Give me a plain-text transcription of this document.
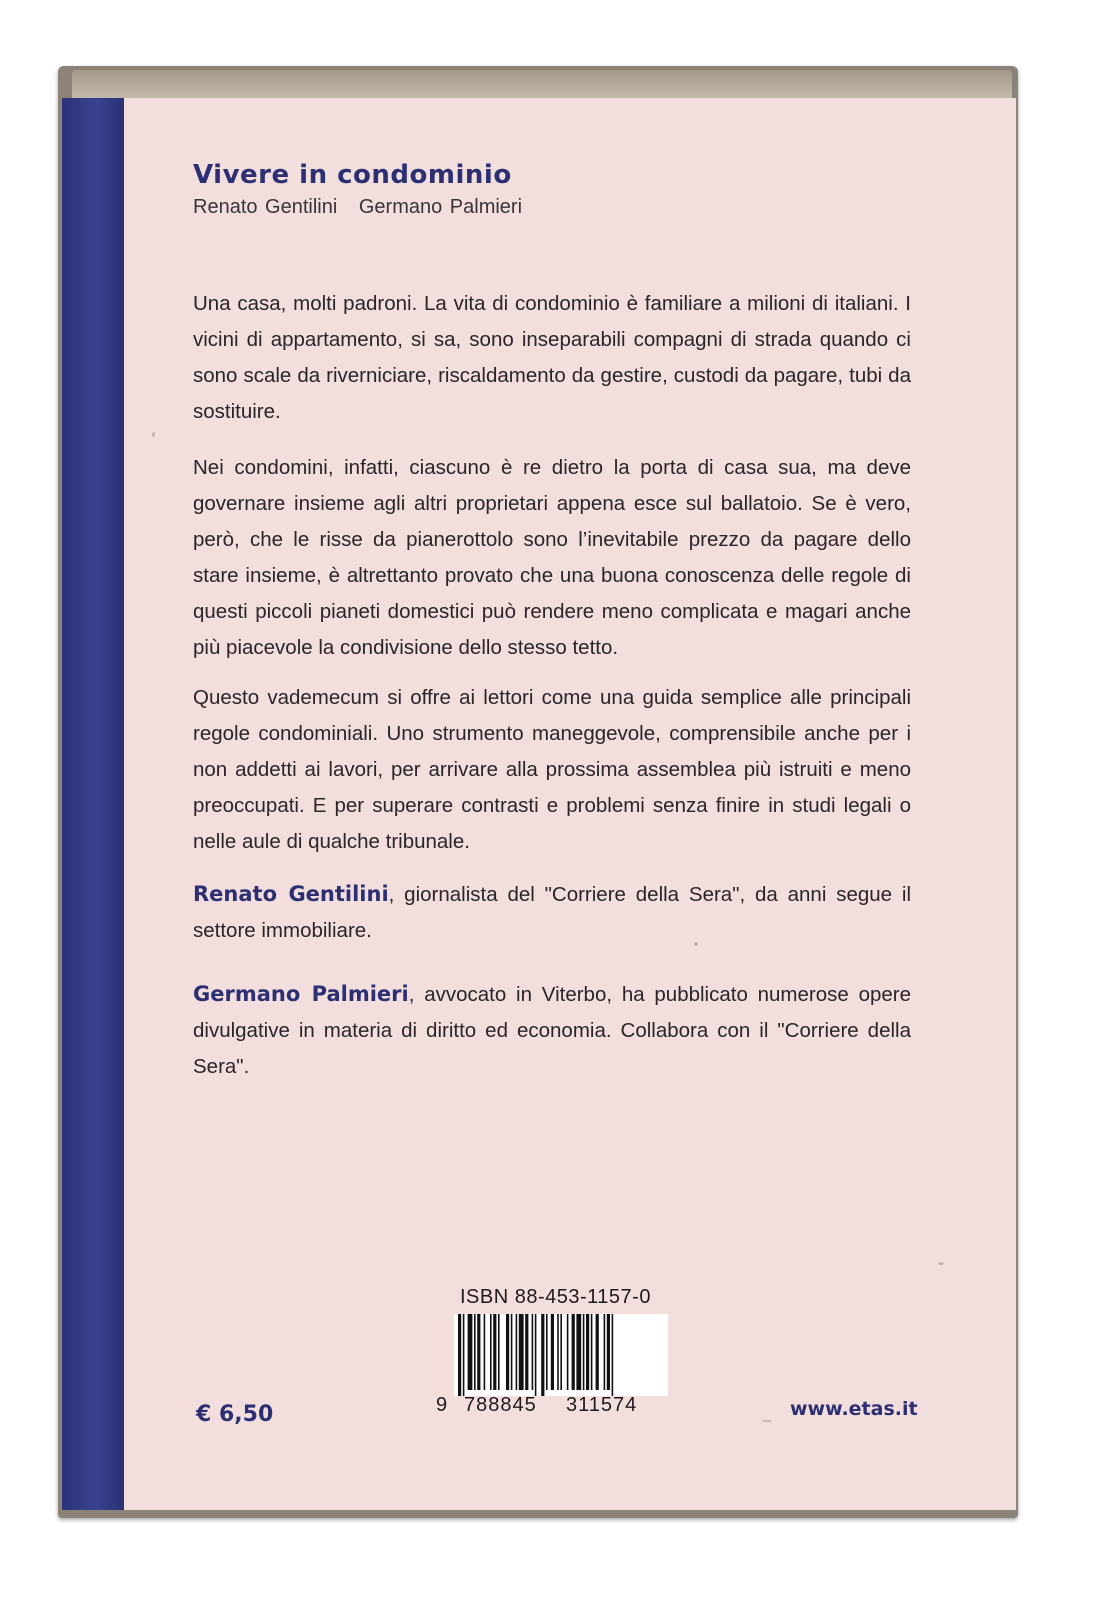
Vivere in condominio
Renato Gentilini Germano Palmieri

Una casa, molti padroni. La vita di condominio è familiare a milioni di italiani. I vicini di appartamento, si sa, sono inseparabili compagni di strada quando ci sono scale da riverniciare, riscaldamento da gestire, custodi da pagare, tubi da sostituire.

Nei condomini, infatti, ciascuno è re dietro la porta di casa sua, ma deve governare insieme agli altri proprietari appena esce sul ballatoio. Se è vero, però, che le risse da pianerottolo sono l’inevitabile prezzo da pagare dello stare insieme, è altrettanto provato che una buona conoscenza delle regole di questi piccoli pianeti domestici può rendere meno complicata e magari anche più piacevole la condivisione dello stesso tetto.

Questo vademecum si offre ai lettori come una guida semplice alle principali regole condominiali. Uno strumento maneggevole, comprensibile anche per i non addetti ai lavori, per arrivare alla prossima assemblea più istruiti e meno preoccupati. E per superare contrasti e problemi senza finire in studi legali o nelle aule di qualche tribunale.

Renato Gentilini, giornalista del "Corriere della Sera", da anni segue il settore immobiliare.

Germano Palmieri, avvocato in Viterbo, ha pubblicato numerose opere divulgative in materia di diritto ed economia. Collabora con il "Corriere della Sera".

ISBN 88-453-1157-0
9 788845 311574
€ 6,50	www.etas.it
